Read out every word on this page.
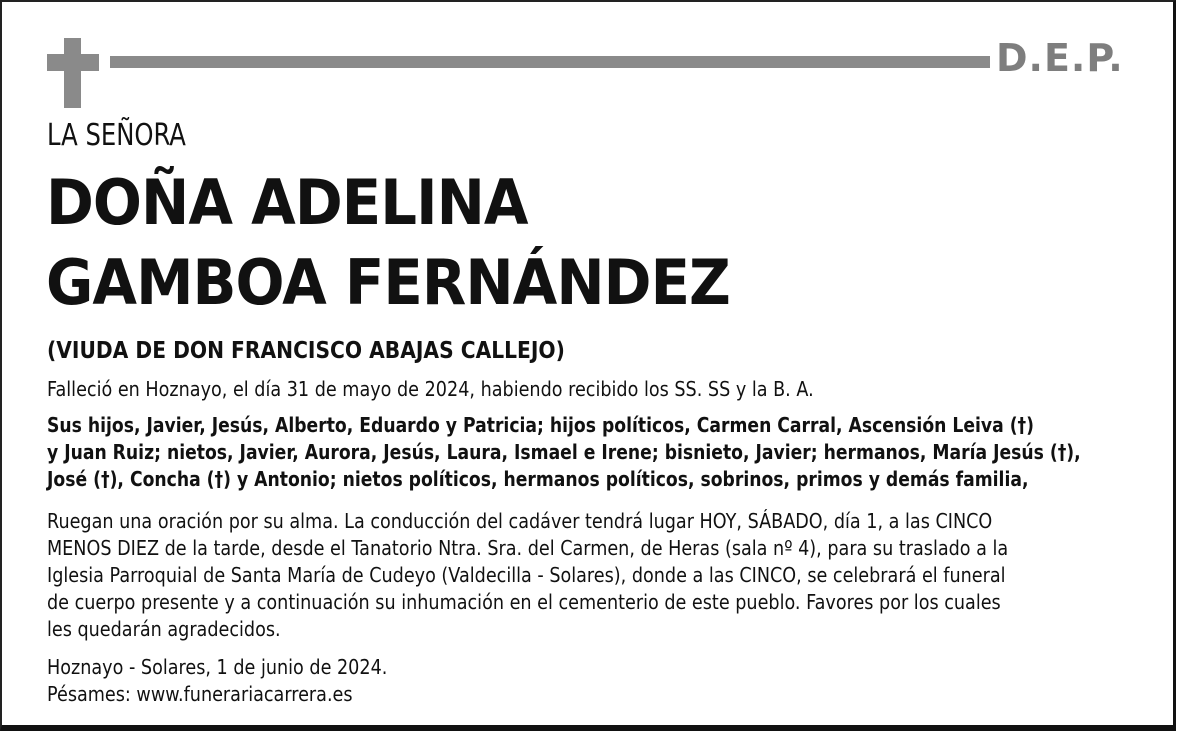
D.E.P.
LA SEÑORA
DOÑA ADELINA
GAMBOA FERNÁNDEZ
(VIUDA DE DON FRANCISCO ABAJAS CALLEJO)
Falleció en Hoznayo, el día 31 de mayo de 2024, habiendo recibido los SS. SS y la B. A.
Sus hijos, Javier, Jesús, Alberto, Eduardo y Patricia; hijos políticos, Carmen Carral, Ascensión Leiva (†)
y Juan Ruiz; nietos, Javier, Aurora, Jesús, Laura, Ismael e Irene; bisnieto, Javier; hermanos, María Jesús (†),
José (†), Concha (†) y Antonio; nietos políticos, hermanos políticos, sobrinos, primos y demás familia,
Ruegan una oración por su alma. La conducción del cadáver tendrá lugar HOY, SÁBADO, día 1, a las CINCO
MENOS DIEZ de la tarde, desde el Tanatorio Ntra. Sra. del Carmen, de Heras (sala nº 4), para su traslado a la
Iglesia Parroquial de Santa María de Cudeyo (Valdecilla - Solares), donde a las CINCO, se celebrará el funeral
de cuerpo presente y a continuación su inhumación en el cementerio de este pueblo. Favores por los cuales
les quedarán agradecidos.
Hoznayo - Solares, 1 de junio de 2024.
Pésames: www.funerariacarrera.es
